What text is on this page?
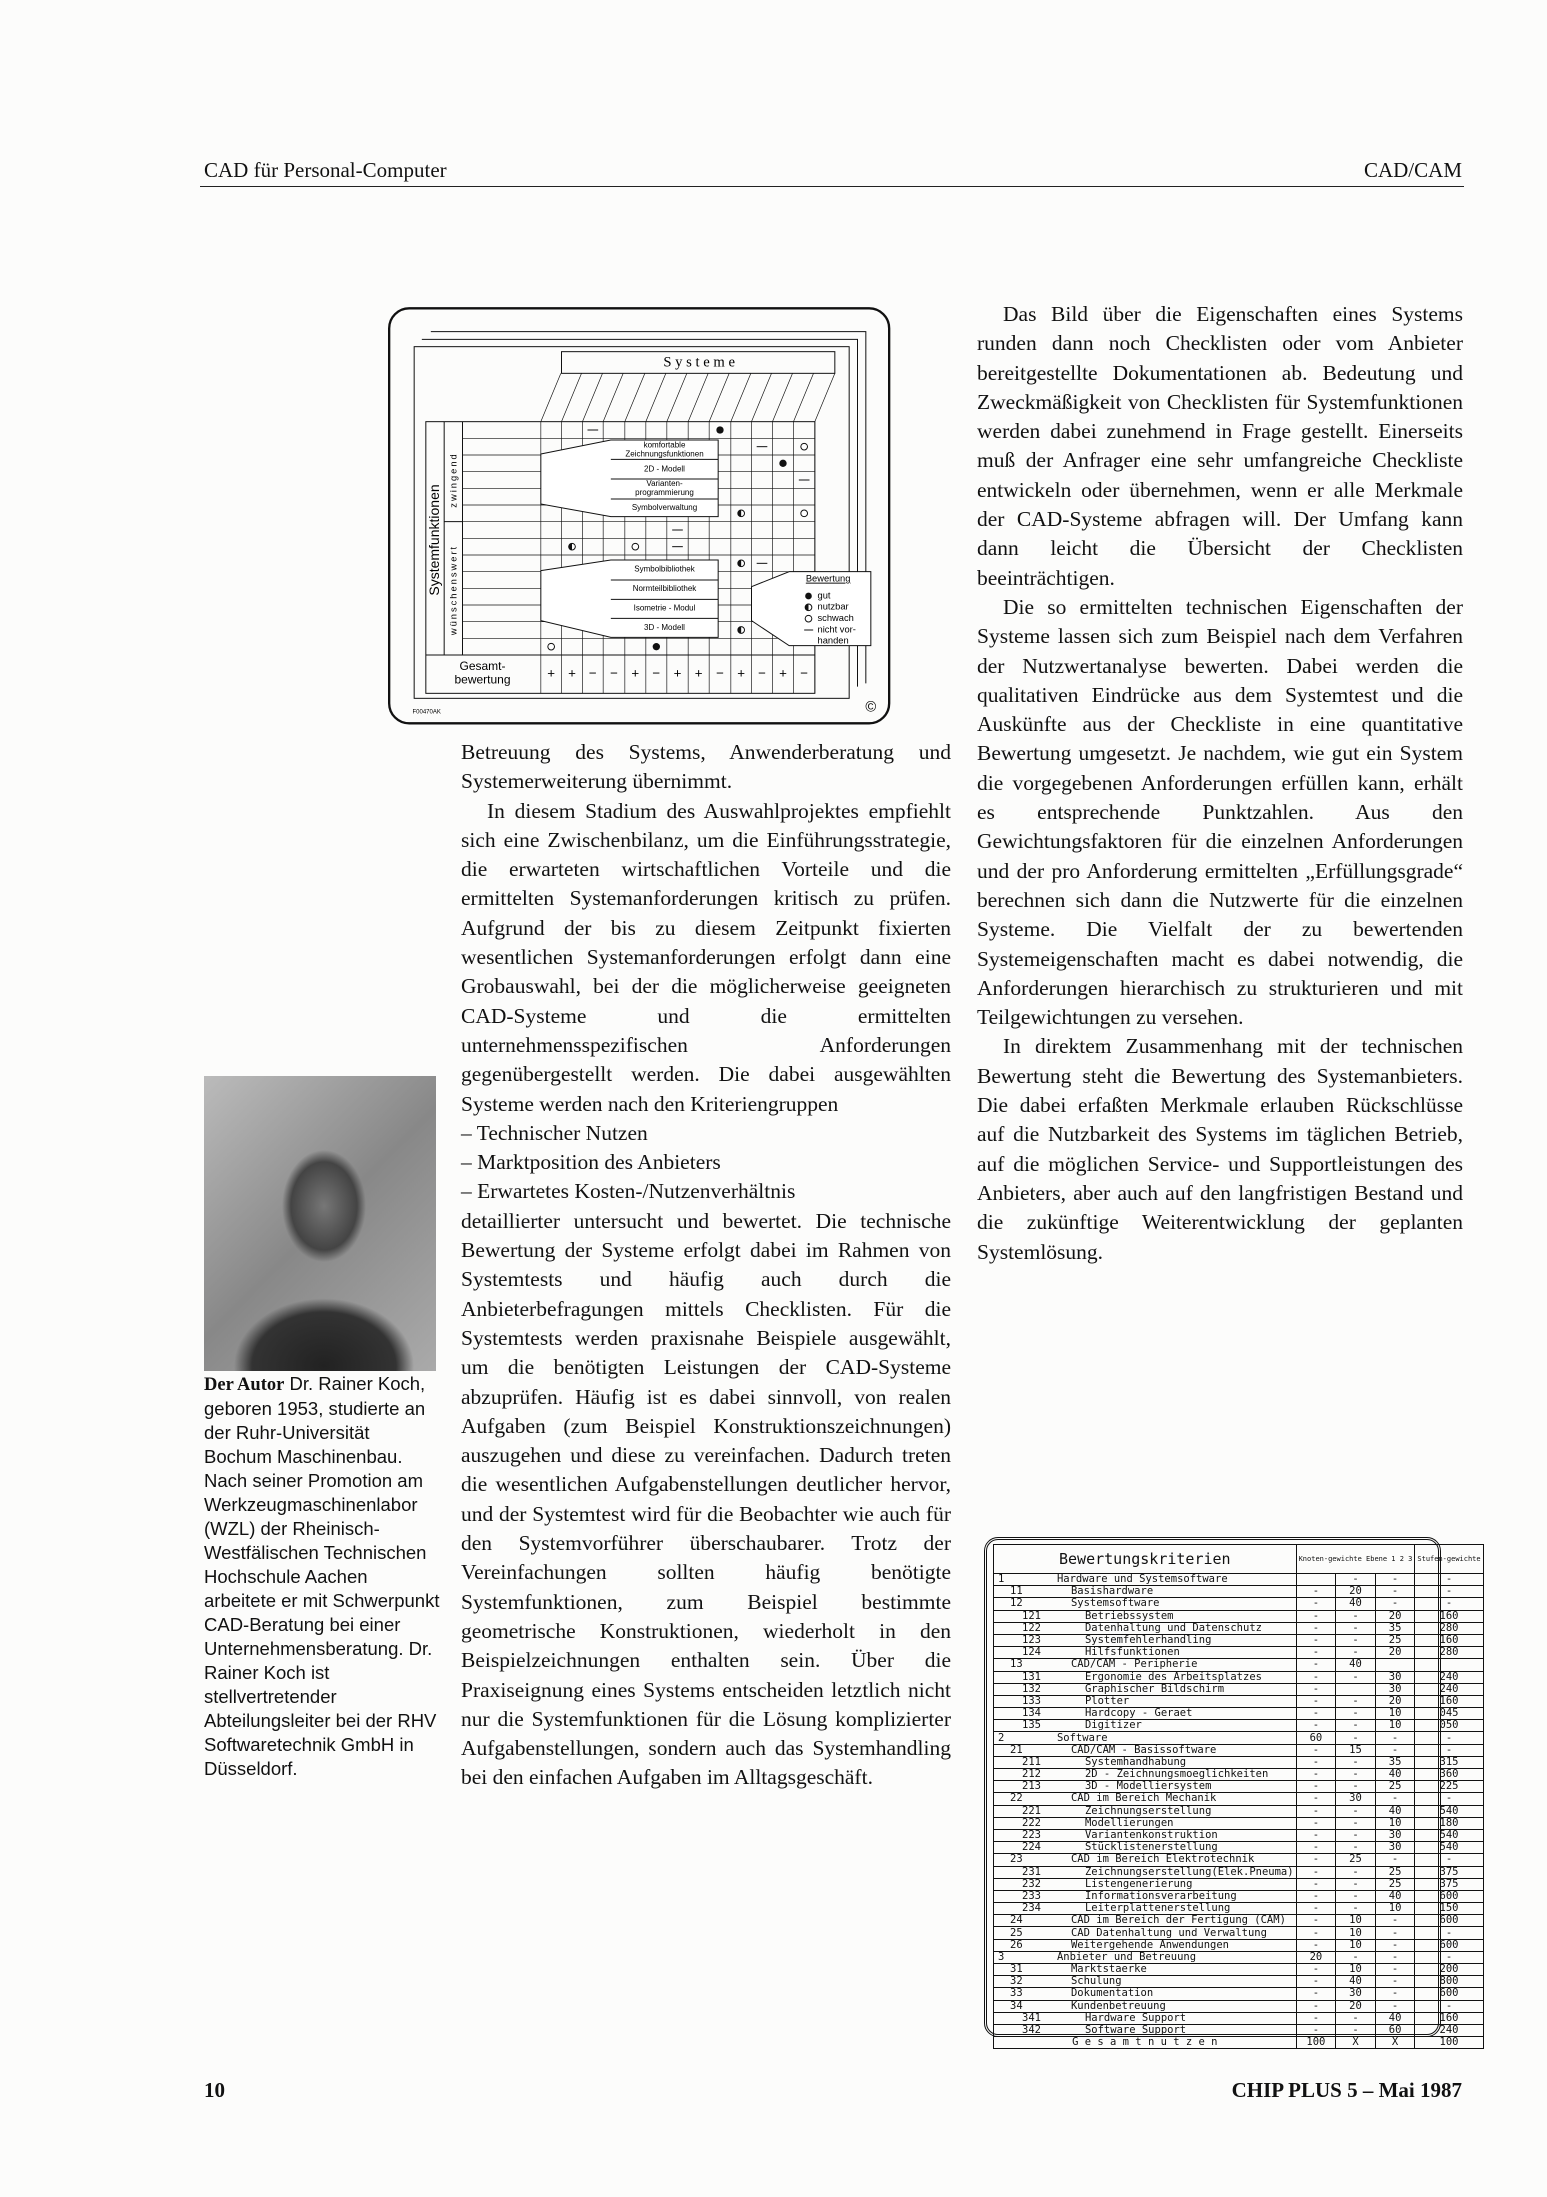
CAD für Personal-Computer	CAD/CAM
S y s t e m e
Systemfunktionen
zwingend
wünschenswert
komfortable
Zeichnungsfunktionen
2D - Modell
Varianten-
programmierung
Symbolverwaltung
Symbolbibliothek
Normteilbibliothek
Isometrie - Modul
3D - Modell
Bewertung
gut
nutzbar
schwach
nicht vor-
handen
Gesamt-
bewertung + + − − + − + + − + − + −
F00470AK	©

Betreuung des Systems, Anwenderberatung und Systemerweiterung übernimmt.

In diesem Stadium des Auswahlprojektes empfiehlt sich eine Zwischenbilanz, um die Einführungsstrategie, die erwarteten wirtschaftlichen Vorteile und die ermittelten Systemanforderungen kritisch zu prüfen. Aufgrund der bis zu diesem Zeitpunkt fixierten wesentlichen Systemanforderungen erfolgt dann eine Grobauswahl, bei der die möglicherweise geeigneten CAD-Systeme und die ermittelten unternehmensspezifischen Anforderungen gegenübergestellt werden. Die dabei ausgewählten Systeme werden nach den Kriteriengruppen

– Technischer Nutzen

– Marktposition des Anbieters

– Erwartetes Kosten-/Nutzenverhältnis

detaillierter untersucht und bewertet. Die technische Bewertung der Systeme erfolgt dabei im Rahmen von Systemtests und häufig auch durch die Anbieterbefragungen mittels Checklisten. Für die Systemtests werden praxisnahe Beispiele ausgewählt, um die benötigten Leistungen der CAD-Systeme abzuprüfen. Häufig ist es dabei sinnvoll, von realen Aufgaben (zum Beispiel Konstruktionszeichnungen) auszugehen und diese zu vereinfachen. Dadurch treten die wesentlichen Aufgabenstellungen deutlicher hervor, und der Systemtest wird für die Beobachter wie auch für den Systemvorführer überschaubarer. Trotz der Vereinfachungen sollten häufig benötigte Systemfunktionen, zum Beispiel bestimmte geometrische Konstruktionen, wiederholt in den Beispielzeichnungen enthalten sein. Über die Praxiseignung eines Systems entscheiden letztlich nicht nur die Systemfunktionen für die Lösung komplizierter Aufgabenstellungen, sondern auch das Systemhandling bei den einfachen Aufgaben im Alltagsgeschäft.

Das Bild über die Eigenschaften eines Systems runden dann noch Checklisten oder vom Anbieter bereitgestellte Dokumentationen ab. Bedeutung und Zweckmäßigkeit von Checklisten für Systemfunktionen werden dabei zunehmend in Frage gestellt. Einerseits muß der Anfrager eine sehr umfangreiche Checkliste entwickeln oder übernehmen, wenn er alle Merkmale der CAD-Systeme abfragen will. Der Umfang kann dann leicht die Übersicht der Checklisten beeinträchtigen.

Die so ermittelten technischen Eigenschaften der Systeme lassen sich zum Beispiel nach dem Verfahren der Nutzwertanalyse bewerten. Dabei werden die qualitativen Eindrücke aus dem Systemtest und die Auskünfte aus der Checkliste in eine quantitative Bewertung umgesetzt. Je nachdem, wie gut ein System die vorgegebenen Anforderungen erfüllen kann, erhält es entsprechende Punktzahlen. Aus den Gewichtungsfaktoren für die einzelnen Anforderungen und der pro Anforderung ermittelten „Erfüllungsgrade“ berechnen sich dann die Nutzwerte für die einzelnen Systeme. Die Vielfalt der zu bewertenden Systemeigenschaften macht es dabei notwendig, die Anforderungen hierarchisch zu strukturieren und mit Teilgewichtungen zu versehen.

In direktem Zusammenhang mit der technischen Bewertung steht die Bewertung des Systemanbieters. Die dabei erfaßten Merkmale erlauben Rückschlüsse auf die Nutzbarkeit des Systems im täglichen Betrieb, auf die möglichen Service- und Supportleistungen des Anbieters, aber auch auf den langfristigen Bestand und die zukünftige Weiterentwicklung der geplanten Systemlösung.

Der Autor Dr. Rainer Koch, geboren 1953, studierte an der Ruhr-Universität Bochum Maschinenbau. Nach seiner Promotion am Werkzeugmaschinenlabor (WZL) der Rheinisch-Westfälischen Technischen Hochschule Aachen arbeitete er mit Schwerpunkt CAD-Beratung bei einer Unternehmensberatung. Dr. Rainer Koch ist stellvertretender Abteilungsleiter bei der RHV Softwaretechnik GmbH in Düsseldorf.
Bewertungskriterien		Knoten-gewichte Ebene 1 2 3			Stufen-gewichte
1	Hardware und Systemsoftware		-	-	-
11	Basishardware	-	20	-	-
12	Systemsoftware	-	40	-	-
121	Betriebssystem	-	-	20	160
122	Datenhaltung und Datenschutz	-	-	35	280
123	Systemfehlerhandling	-	-	25	160
124	Hilfsfunktionen	-	-	20	280
13	CAD/CAM - Peripherie	-	40		
131	Ergonomie des Arbeitsplatzes	-	-	30	240
132	Graphischer Bildschirm	-		30	240
133	Plotter	-	-	20	160
134	Hardcopy - Geraet	-	-	10	045
135	Digitizer	-	-	10	050
2	Software	60	-	-	-
21	CAD/CAM - Basissoftware	-	15	-	-
211	Systemhandhabung	-	-	35	315
212	2D - Zeichnungsmoeglichkeiten	-	-	40	360
213	3D - Modelliersystem	-	-	25	225
22	CAD im Bereich Mechanik	-	30	-	-
221	Zeichnungserstellung	-	-	40	540
222	Modellierungen	-	-	10	180
223	Variantenkonstruktion	-	-	30	540
224	Stücklistenerstellung	-	-	30	540
23	CAD im Bereich Elektrotechnik	-	25	-	-
231	Zeichnungserstellung(Elek.Pneuma)	-	-	25	375
232	Listengenerierung	-	-	25	375
233	Informationsverarbeitung	-	-	40	600
234	Leiterplattenerstellung	-	-	10	150
24	CAD im Bereich der Fertigung (CAM)	-	10	-	600
25	CAD Datenhaltung und Verwaltung	-	10	-	-
26	Weitergehende Anwendungen	-	10	-	600
3	Anbieter und Betreuung	20	-	-	-
31	Marktstaerke	-	10	-	200
32	Schulung	-	40	-	800
33	Dokumentation	-	30	-	600
34	Kundenbetreuung	-	20	-	-
341	Hardware Support	-	-	40	160
342	Software Support	-	-	60	240
G e s a m t n u t z e n		100	X	X	100
10	CHIP PLUS 5 – Mai 1987
